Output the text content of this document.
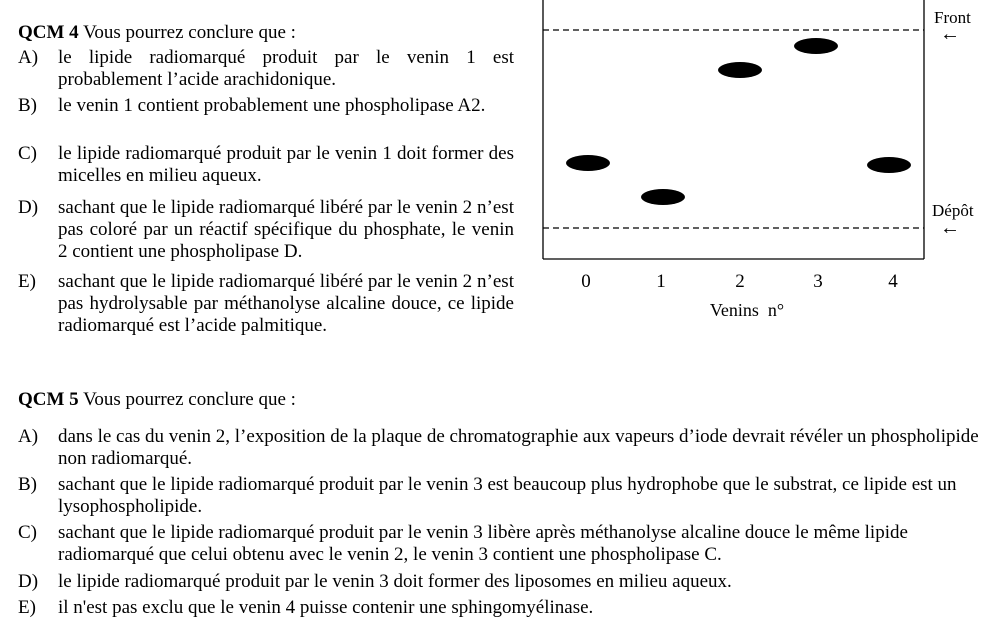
QCM 4 Vous pourrez conclure que :
A)	le lipide radiomarqué produit par le venin 1 est probablement l’acide arachidonique.
B)	le venin 1 contient probablement une phospholipase A2.
C)	le lipide radiomarqué produit par le venin 1 doit former des micelles en milieu aqueux.
D)	sachant que le lipide radiomarqué libéré par le venin 2 n’est pas coloré par un réactif spécifique du phosphate, le venin 2 contient une phospholipase D.
E)	sachant que le lipide radiomarqué libéré par le venin 2 n’est pas hydrolysable par méthanolyse alcaline douce, ce lipide radiomarqué est l’acide palmitique.
Front
←
Dépôt
←
0	1	2	3	4
Venins  n°
QCM 5 Vous pourrez conclure que :
A)	dans le cas du venin 2, l’exposition de la plaque de chromatographie aux vapeurs d’iode devrait révéler un phospholipide non radiomarqué.
B)	sachant que le lipide radiomarqué produit par le venin 3 est beaucoup plus hydrophobe que le substrat, ce lipide est un lysophospholipide.
C)	sachant que le lipide radiomarqué produit par le venin 3 libère après méthanolyse alcaline douce le même lipide radiomarqué que celui obtenu avec le venin 2, le venin 3 contient une phospholipase C.
D)	le lipide radiomarqué produit par le venin 3 doit former des liposomes en milieu aqueux.
E)	il n'est pas exclu que le venin 4 puisse contenir une sphingomyélinase.
